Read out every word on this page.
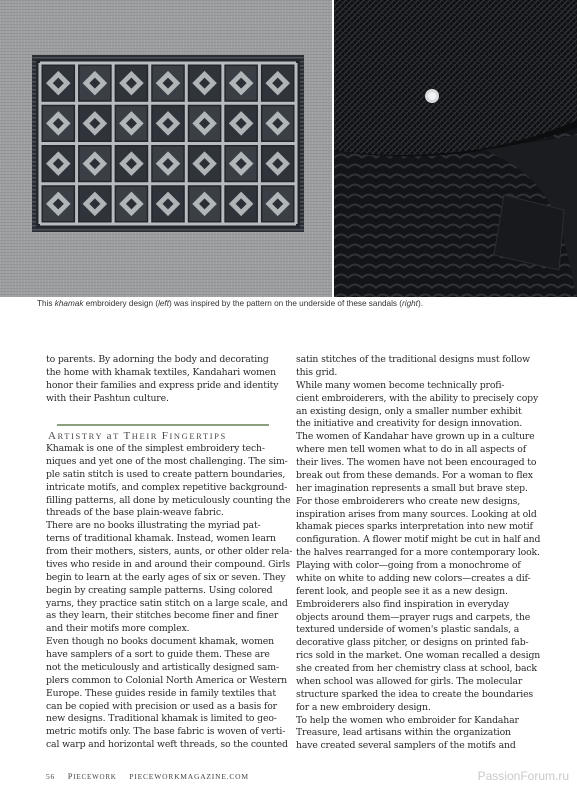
This khamak embroidery design (left) was inspired by the pattern on the underside of these sandals (right).

to parents. By adorning the body and decorating

the home with khamak textiles, Kandahari women

honor their families and express pride and identity

with their Pashtun culture.

ARTISTRY aT THEIR FINGERTIPS

Khamak is one of the simplest embroidery tech-

niques and yet one of the most challenging. The sim-

ple satin stitch is used to create pattern boundaries,

intricate motifs, and complex repetitive background-

filling patterns, all done by meticulously counting the

threads of the base plain-weave fabric.

There are no books illustrating the myriad pat-

terns of traditional khamak. Instead, women learn

from their mothers, sisters, aunts, or other older rela-

tives who reside in and around their compound. Girls

begin to learn at the early ages of six or seven. They

begin by creating sample patterns. Using colored

yarns, they practice satin stitch on a large scale, and

as they learn, their stitches become finer and finer

and their motifs more complex.

Even though no books document khamak, women

have samplers of a sort to guide them. These are

not the meticulously and artistically designed sam-

plers common to Colonial North America or Western

Europe. These guides reside in family textiles that

can be copied with precision or used as a basis for

new designs. Traditional khamak is limited to geo-

metric motifs only. The base fabric is woven of verti-

cal warp and horizontal weft threads, so the counted

satin stitches of the traditional designs must follow

this grid.

While many women become technically profi-

cient embroiderers, with the ability to precisely copy

an existing design, only a smaller number exhibit

the initiative and creativity for design innovation.

The women of Kandahar have grown up in a culture

where men tell women what to do in all aspects of

their lives. The women have not been encouraged to

break out from these demands. For a woman to flex

her imagination represents a small but brave step.

For those embroiderers who create new designs,

inspiration arises from many sources. Looking at old

khamak pieces sparks interpretation into new motif

configuration. A flower motif might be cut in half and

the halves rearranged for a more contemporary look.

Playing with color—going from a monochrome of

white on white to adding new colors—creates a dif-

ferent look, and people see it as a new design.

Embroiderers also find inspiration in everyday

objects around them—prayer rugs and carpets, the

textured underside of women's plastic sandals, a

decorative glass pitcher, or designs on printed fab-

rics sold in the market. One woman recalled a design

she created from her chemistry class at school, back

when school was allowed for girls. The molecular

structure sparked the idea to create the boundaries

for a new embroidery design.

To help the women who embroider for Kandahar

Treasure, lead artisans within the organization

have created several samplers of the motifs and

56 PIECEWORK PIECEWORKMAGAZINE.COM	PassionForum.ru
